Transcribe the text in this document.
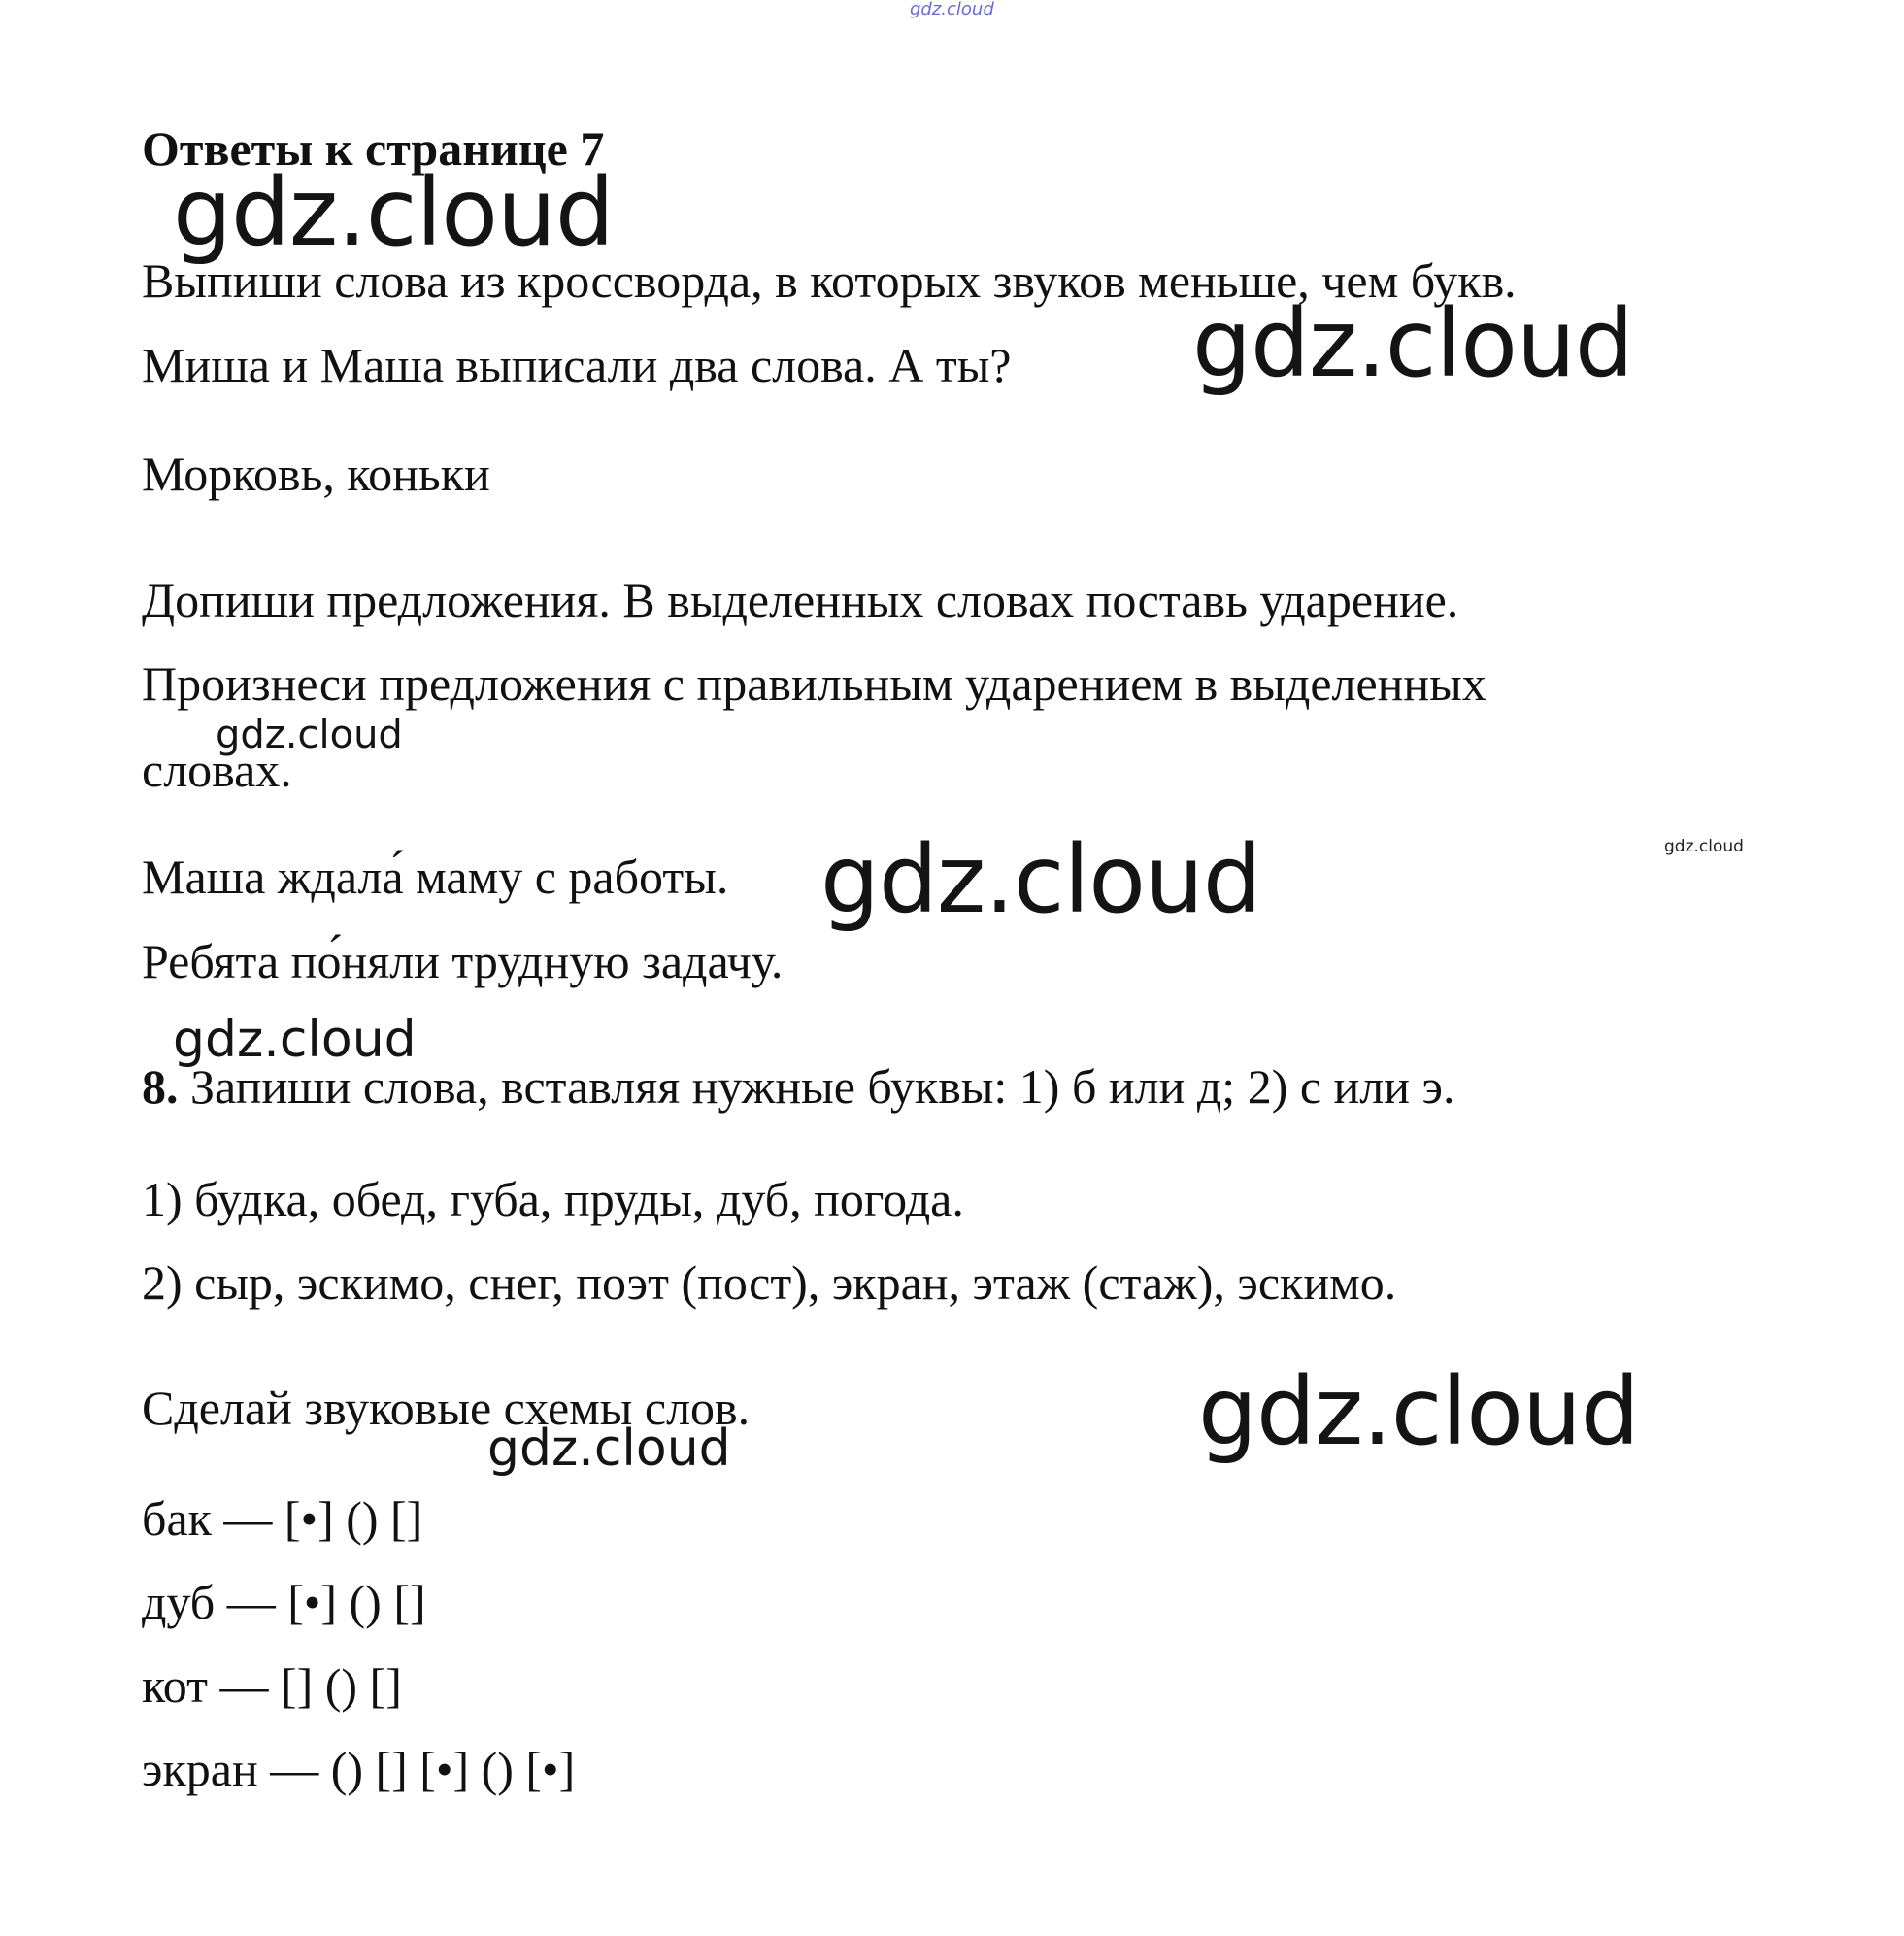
gdz.cloud
gdz.cloud
gdz.cloud
gdz.cloud
gdz.cloud
gdz.cloud
gdz.cloud
gdz.cloud
gdz.cloud
Ответы к странице 7
Выпиши слова из кроссворда, в которых звуков меньше, чем букв.
Миша и Маша выписали два слова. А ты?
Морковь, коньки
Допиши предложения. В выделенных словах поставь ударение.
Произнеси предложения с правильным ударением в выделенных
словах.
Маша ждала́ маму с работы.
Ребята по́няли трудную задачу.
8. Запиши слова, вставляя нужные буквы: 1) б или д; 2) с или э.
1) будка, обед, губа, пруды, дуб, погода.
2) сыр, эскимо, снег, поэт (пост), экран, этаж (стаж), эскимо.
Сделай звуковые схемы слов.
бак — [•] () []
дуб — [•] () []
кот — [] () []
экран — () [] [•] () [•]
